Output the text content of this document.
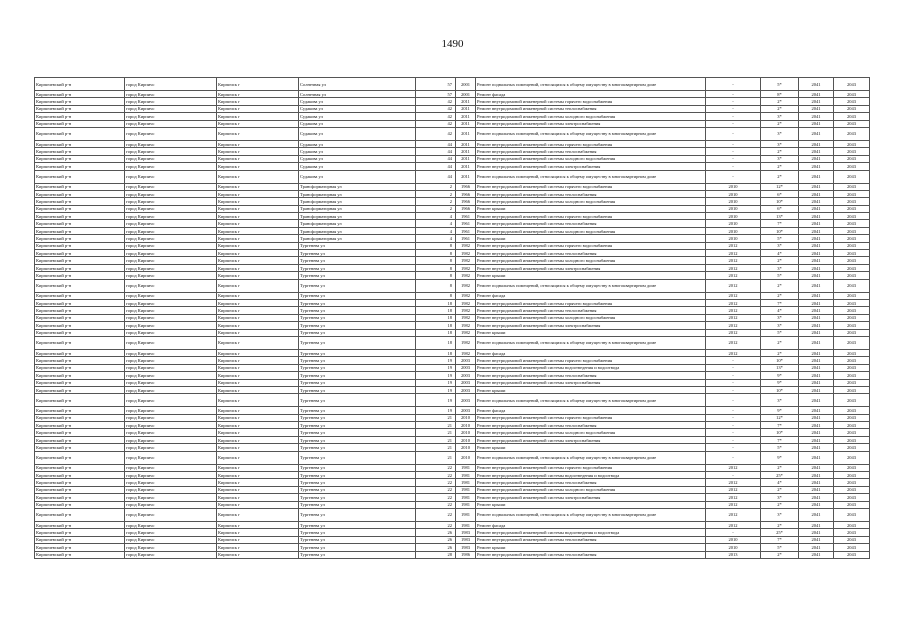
1490
Кирпичевский р-н	город Кирпичс	Кирпичск г	Солнечная ул	57	2001	Ремонт подвальных помещений, относящихся к общему имуществу в многоквартирном доме	-	5*	2041	2043
Кирпичевский р-н	город Кирпичс	Кирпичск г	Солнечная ул	57	2001	Ремонт фасада	-	8*	2041	2043
Кирпичевский р-н	город Кирпичс	Кирпичск г	Судакова ул	42	2011	Ремонт внутридомовой инженерной системы горячего водоснабжения	-	2*	2041	2043
Кирпичевский р-н	город Кирпичс	Кирпичск г	Судакова ул	42	2011	Ремонт внутридомовой инженерной системы теплоснабжения	-	2*	2041	2043
Кирпичевский р-н	город Кирпичс	Кирпичск г	Судакова ул	42	2011	Ремонт внутридомовой инженерной системы холодного водоснабжения	-	3*	2041	2043
Кирпичевский р-н	город Кирпичс	Кирпичск г	Судакова ул	42	2011	Ремонт внутридомовой инженерной системы электроснабжения	-	2*	2041	2043
Кирпичевский р-н	город Кирпичс	Кирпичск г	Судакова ул	42	2011	Ремонт подвальных помещений, относящихся к общему имуществу в многоквартирном доме	-	3*	2041	2043
Кирпичевский р-н	город Кирпичс	Кирпичск г	Судакова ул	44	2011	Ремонт внутридомовой инженерной системы горячего водоснабжения	-	3*	2041	2043
Кирпичевский р-н	город Кирпичс	Кирпичск г	Судакова ул	44	2011	Ремонт внутридомовой инженерной системы теплоснабжения	-	2*	2041	2043
Кирпичевский р-н	город Кирпичс	Кирпичск г	Судакова ул	44	2011	Ремонт внутридомовой инженерной системы холодного водоснабжения	-	3*	2041	2043
Кирпичевский р-н	город Кирпичс	Кирпичск г	Судакова ул	44	2011	Ремонт внутридомовой инженерной системы электроснабжения	-	2*	2041	2043
Кирпичевский р-н	город Кирпичс	Кирпичск г	Судакова ул	44	2011	Ремонт подвальных помещений, относящихся к общему имуществу в многоквартирном доме	-	2*	2041	2043
Кирпичевский р-н	город Кирпичс	Кирпичск г	Трансформаторная ул	2	1966	Ремонт внутридомовой инженерной системы горячего водоснабжения	2010	12*	2041	2043
Кирпичевский р-н	город Кирпичс	Кирпичск г	Трансформаторная ул	2	1966	Ремонт внутридомовой инженерной системы теплоснабжения	2010	6*	2041	2043
Кирпичевский р-н	город Кирпичс	Кирпичск г	Трансформаторная ул	2	1966	Ремонт внутридомовой инженерной системы холодного водоснабжения	2010	10*	2041	2043
Кирпичевский р-н	город Кирпичс	Кирпичск г	Трансформаторная ул	2	1966	Ремонт крыши	2010	6*	2041	2043
Кирпичевский р-н	город Кирпичс	Кирпичск г	Трансформаторная ул	4	1961	Ремонт внутридомовой инженерной системы горячего водоснабжения	2010	13*	2041	2043
Кирпичевский р-н	город Кирпичс	Кирпичск г	Трансформаторная ул	4	1961	Ремонт внутридомовой инженерной системы теплоснабжения	2010	7*	2041	2043
Кирпичевский р-н	город Кирпичс	Кирпичск г	Трансформаторная ул	4	1961	Ремонт внутридомовой инженерной системы холодного водоснабжения	2010	10*	2041	2043
Кирпичевский р-н	город Кирпичс	Кирпичск г	Трансформаторная ул	4	1961	Ремонт крыши	2010	5*	2041	2043
Кирпичевский р-н	город Кирпичс	Кирпичск г	Тургенева ул	8	1982	Ремонт внутридомовой инженерной системы горячего водоснабжения	2012	3*	2041	2043
Кирпичевский р-н	город Кирпичс	Кирпичск г	Тургенева ул	8	1982	Ремонт внутридомовой инженерной системы теплоснабжения	2012	4*	2041	2043
Кирпичевский р-н	город Кирпичс	Кирпичск г	Тургенева ул	8	1982	Ремонт внутридомовой инженерной системы холодного водоснабжения	2012	2*	2041	2043
Кирпичевский р-н	город Кирпичс	Кирпичск г	Тургенева ул	8	1982	Ремонт внутридомовой инженерной системы электроснабжения	2012	3*	2041	2043
Кирпичевский р-н	город Кирпичс	Кирпичск г	Тургенева ул	8	1982	Ремонт крыши	2012	5*	2041	2043
Кирпичевский р-н	город Кирпичс	Кирпичск г	Тургенева ул	8	1982	Ремонт подвальных помещений, относящихся к общему имуществу в многоквартирном доме	2012	2*	2041	2043
Кирпичевский р-н	город Кирпичс	Кирпичск г	Тургенева ул	8	1982	Ремонт фасада	2012	2*	2041	2043
Кирпичевский р-н	город Кирпичс	Кирпичск г	Тургенева ул	18	1982	Ремонт внутридомовой инженерной системы горячего водоснабжения	2012	7*	2041	2043
Кирпичевский р-н	город Кирпичс	Кирпичск г	Тургенева ул	18	1982	Ремонт внутридомовой инженерной системы теплоснабжения	2012	4*	2041	2043
Кирпичевский р-н	город Кирпичс	Кирпичск г	Тургенева ул	18	1982	Ремонт внутридомовой инженерной системы холодного водоснабжения	2012	3*	2041	2043
Кирпичевский р-н	город Кирпичс	Кирпичск г	Тургенева ул	18	1982	Ремонт внутридомовой инженерной системы электроснабжения	2012	3*	2041	2043
Кирпичевский р-н	город Кирпичс	Кирпичск г	Тургенева ул	18	1982	Ремонт крыши	2012	5*	2041	2043
Кирпичевский р-н	город Кирпичс	Кирпичск г	Тургенева ул	18	1982	Ремонт подвальных помещений, относящихся к общему имуществу в многоквартирном доме	2012	2*	2041	2043
Кирпичевский р-н	город Кирпичс	Кирпичск г	Тургенева ул	18	1982	Ремонт фасада	2012	2*	2041	2043
Кирпичевский р-н	город Кирпичс	Кирпичск г	Тургенева ул	19	2003	Ремонт внутридомовой инженерной системы горячего водоснабжения	-	10*	2041	2043
Кирпичевский р-н	город Кирпичс	Кирпичск г	Тургенева ул	19	2003	Ремонт внутридомовой инженерной системы водоотведения и водоотвода	-	13*	2041	2043
Кирпичевский р-н	город Кирпичс	Кирпичск г	Тургенева ул	19	2003	Ремонт внутридомовой инженерной системы теплоснабжения	-	9*	2041	2043
Кирпичевский р-н	город Кирпичс	Кирпичск г	Тургенева ул	19	2003	Ремонт внутридомовой инженерной системы электроснабжения	-	9*	2041	2043
Кирпичевский р-н	город Кирпичс	Кирпичск г	Тургенева ул	19	2003	Ремонт крыши	-	10*	2041	2043
Кирпичевский р-н	город Кирпичс	Кирпичск г	Тургенева ул	19	2003	Ремонт подвальных помещений, относящихся к общему имуществу в многоквартирном доме	-	3*	2041	2043
Кирпичевский р-н	город Кирпичс	Кирпичск г	Тургенева ул	19	2003	Ремонт фасада	-	9*	2041	2043
Кирпичевский р-н	город Кирпичс	Кирпичск г	Тургенева ул	21	2010	Ремонт внутридомовой инженерной системы горячего водоснабжения	-	12*	2041	2043
Кирпичевский р-н	город Кирпичс	Кирпичск г	Тургенева ул	21	2010	Ремонт внутридомовой инженерной системы теплоснабжения	-	7*	2041	2043
Кирпичевский р-н	город Кирпичс	Кирпичск г	Тургенева ул	21	2010	Ремонт внутридомовой инженерной системы холодного водоснабжения	-	10*	2041	2043
Кирпичевский р-н	город Кирпичс	Кирпичск г	Тургенева ул	21	2010	Ремонт внутридомовой инженерной системы электроснабжения	-	7*	2041	2043
Кирпичевский р-н	город Кирпичс	Кирпичск г	Тургенева ул	21	2010	Ремонт крыши	-	5*	2041	2043
Кирпичевский р-н	город Кирпичс	Кирпичск г	Тургенева ул	21	2010	Ремонт подвальных помещений, относящихся к общему имуществу в многоквартирном доме	-	9*	2041	2043
Кирпичевский р-н	город Кирпичс	Кирпичск г	Тургенева ул	22	1981	Ремонт внутридомовой инженерной системы горячего водоснабжения	2012	2*	2041	2043
Кирпичевский р-н	город Кирпичс	Кирпичск г	Тургенева ул	22	1981	Ремонт внутридомовой инженерной системы водоотведения и водоотвода	-	25*	2041	2043
Кирпичевский р-н	город Кирпичс	Кирпичск г	Тургенева ул	22	1981	Ремонт внутридомовой инженерной системы теплоснабжения	2012	4*	2041	2043
Кирпичевский р-н	город Кирпичс	Кирпичск г	Тургенева ул	22	1981	Ремонт внутридомовой инженерной системы холодного водоснабжения	2012	2*	2041	2043
Кирпичевский р-н	город Кирпичс	Кирпичск г	Тургенева ул	22	1981	Ремонт внутридомовой инженерной системы электроснабжения	2012	3*	2041	2043
Кирпичевский р-н	город Кирпичс	Кирпичск г	Тургенева ул	22	1981	Ремонт крыши	2012	2*	2041	2043
Кирпичевский р-н	город Кирпичс	Кирпичск г	Тургенева ул	22	1981	Ремонт подвальных помещений, относящихся к общему имуществу в многоквартирном доме	2012	3*	2041	2043
Кирпичевский р-н	город Кирпичс	Кирпичск г	Тургенева ул	22	1981	Ремонт фасада	2012	2*	2041	2043
Кирпичевский р-н	город Кирпичс	Кирпичск г	Тургенева ул	26	1983	Ремонт внутридомовой инженерной системы водоотведения и водоотвода	-	25*	2041	2043
Кирпичевский р-н	город Кирпичс	Кирпичск г	Тургенева ул	26	1983	Ремонт внутридомовой инженерной системы теплоснабжения	2010	7*	2041	2043
Кирпичевский р-н	город Кирпичс	Кирпичск г	Тургенева ул	26	1983	Ремонт крыши	2010	5*	2041	2043
Кирпичевский р-н	город Кирпичс	Кирпичск г	Тургенева ул	28	1986	Ремонт внутридомовой инженерной системы теплоснабжения	2013	2*	2041	2043
